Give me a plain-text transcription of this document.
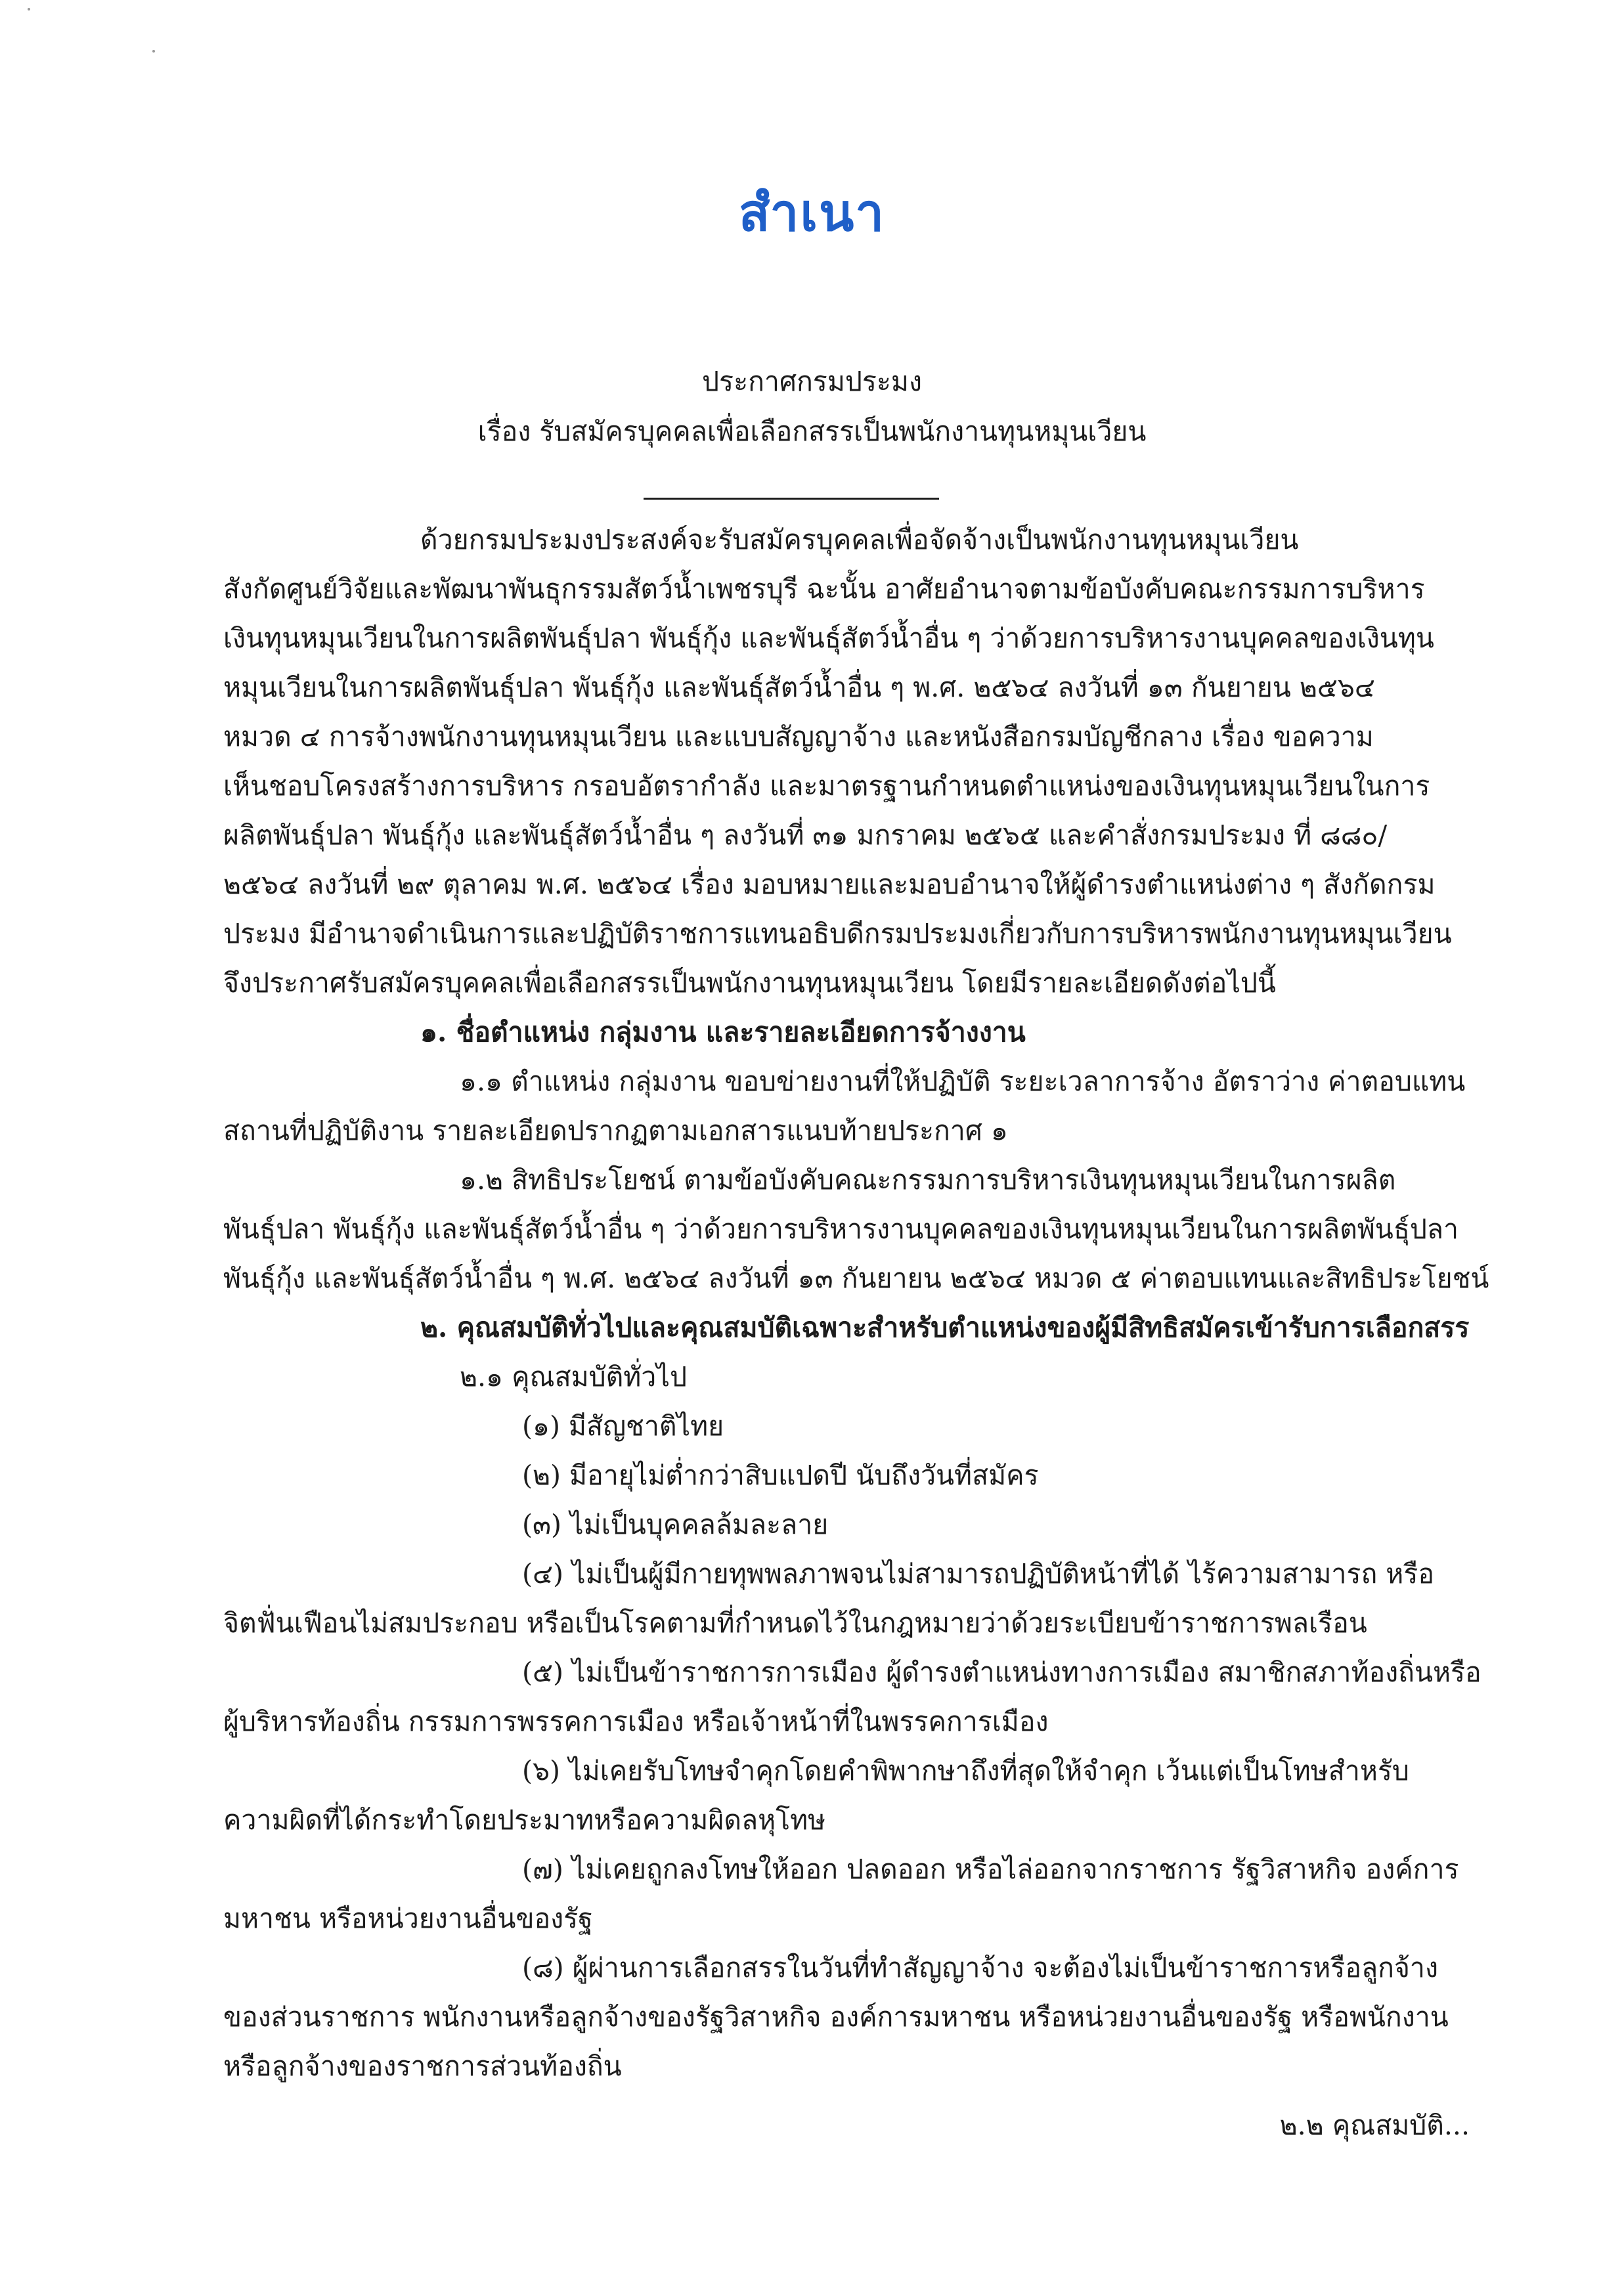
สำเนา
ประกาศกรมประมง
เรื่อง รับสมัครบุคคลเพื่อเลือกสรรเป็นพนักงานทุนหมุนเวียน
ด้วยกรมประมงประสงค์จะรับสมัครบุคคลเพื่อจัดจ้างเป็นพนักงานทุนหมุนเวียน
สังกัดศูนย์วิจัยและพัฒนาพันธุกรรมสัตว์น้ำเพชรบุรี ฉะนั้น อาศัยอำนาจตามข้อบังคับคณะกรรมการบริหาร
เงินทุนหมุนเวียนในการผลิตพันธุ์ปลา พันธุ์กุ้ง และพันธุ์สัตว์น้ำอื่น ๆ ว่าด้วยการบริหารงานบุคคลของเงินทุน
หมุนเวียนในการผลิตพันธุ์ปลา พันธุ์กุ้ง และพันธุ์สัตว์น้ำอื่น ๆ พ.ศ. ๒๕๖๔ ลงวันที่ ๑๓ กันยายน ๒๕๖๔
หมวด ๔ การจ้างพนักงานทุนหมุนเวียน และแบบสัญญาจ้าง และหนังสือกรมบัญชีกลาง เรื่อง ขอความ
เห็นชอบโครงสร้างการบริหาร กรอบอัตรากำลัง และมาตรฐานกำหนดตำแหน่งของเงินทุนหมุนเวียนในการ
ผลิตพันธุ์ปลา พันธุ์กุ้ง และพันธุ์สัตว์น้ำอื่น ๆ ลงวันที่ ๓๑ มกราคม ๒๕๖๕ และคำสั่งกรมประมง ที่ ๘๘๐/
๒๕๖๔ ลงวันที่ ๒๙ ตุลาคม พ.ศ. ๒๕๖๔ เรื่อง มอบหมายและมอบอำนาจให้ผู้ดำรงตำแหน่งต่าง ๆ สังกัดกรม
ประมง มีอำนาจดำเนินการและปฏิบัติราชการแทนอธิบดีกรมประมงเกี่ยวกับการบริหารพนักงานทุนหมุนเวียน
จึงประกาศรับสมัครบุคคลเพื่อเลือกสรรเป็นพนักงานทุนหมุนเวียน โดยมีรายละเอียดดังต่อไปนี้
๑. ชื่อตำแหน่ง กลุ่มงาน และรายละเอียดการจ้างงาน
๑.๑ ตำแหน่ง กลุ่มงาน ขอบข่ายงานที่ให้ปฏิบัติ ระยะเวลาการจ้าง อัตราว่าง ค่าตอบแทน
สถานที่ปฏิบัติงาน รายละเอียดปรากฏตามเอกสารแนบท้ายประกาศ ๑
๑.๒ สิทธิประโยชน์ ตามข้อบังคับคณะกรรมการบริหารเงินทุนหมุนเวียนในการผลิต
พันธุ์ปลา พันธุ์กุ้ง และพันธุ์สัตว์น้ำอื่น ๆ ว่าด้วยการบริหารงานบุคคลของเงินทุนหมุนเวียนในการผลิตพันธุ์ปลา
พันธุ์กุ้ง และพันธุ์สัตว์น้ำอื่น ๆ พ.ศ. ๒๕๖๔ ลงวันที่ ๑๓ กันยายน ๒๕๖๔ หมวด ๕ ค่าตอบแทนและสิทธิประโยชน์
๒. คุณสมบัติทั่วไปและคุณสมบัติเฉพาะสำหรับตำแหน่งของผู้มีสิทธิสมัครเข้ารับการเลือกสรร
๒.๑ คุณสมบัติทั่วไป
(๑) มีสัญชาติไทย
(๒) มีอายุไม่ต่ำกว่าสิบแปดปี นับถึงวันที่สมัคร
(๓) ไม่เป็นบุคคลล้มละลาย
(๔) ไม่เป็นผู้มีกายทุพพลภาพจนไม่สามารถปฏิบัติหน้าที่ได้ ไร้ความสามารถ หรือ
จิตฟั่นเฟือนไม่สมประกอบ หรือเป็นโรคตามที่กำหนดไว้ในกฎหมายว่าด้วยระเบียบข้าราชการพลเรือน
(๕) ไม่เป็นข้าราชการการเมือง ผู้ดำรงตำแหน่งทางการเมือง สมาชิกสภาท้องถิ่นหรือ
ผู้บริหารท้องถิ่น กรรมการพรรคการเมือง หรือเจ้าหน้าที่ในพรรคการเมือง
(๖) ไม่เคยรับโทษจำคุกโดยคำพิพากษาถึงที่สุดให้จำคุก เว้นแต่เป็นโทษสำหรับ
ความผิดที่ได้กระทำโดยประมาทหรือความผิดลหุโทษ
(๗) ไม่เคยถูกลงโทษให้ออก ปลดออก หรือไล่ออกจากราชการ รัฐวิสาหกิจ องค์การ
มหาชน หรือหน่วยงานอื่นของรัฐ
(๘) ผู้ผ่านการเลือกสรรในวันที่ทำสัญญาจ้าง จะต้องไม่เป็นข้าราชการหรือลูกจ้าง
ของส่วนราชการ พนักงานหรือลูกจ้างของรัฐวิสาหกิจ องค์การมหาชน หรือหน่วยงานอื่นของรัฐ หรือพนักงาน
หรือลูกจ้างของราชการส่วนท้องถิ่น
๒.๒ คุณสมบัติ...
